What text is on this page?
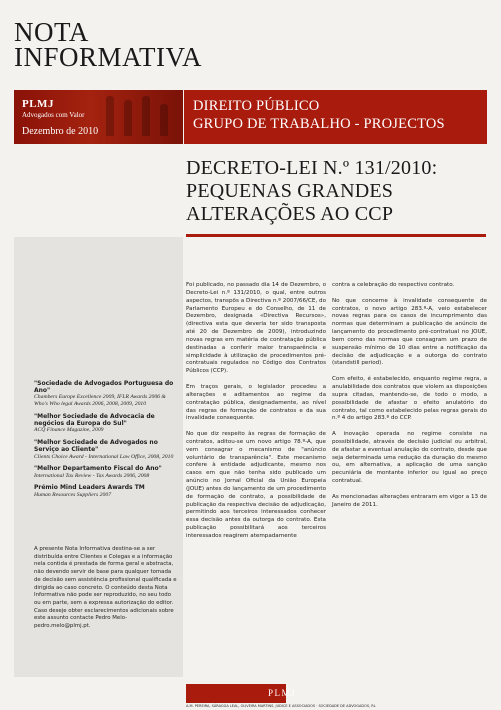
NOTA
INFORMATIVA
PLMJ
Advogados com Valor
Dezembro de 2010
DIREITO PÚBLICO
GRUPO DE TRABALHO - PROJECTOS
DECRETO-LEI N.º 131/2010:
PEQUENAS GRANDES
ALTERAÇÕES AO CCP

Foi publicado, no passado dia 14 de Dezembro, o Decreto-Lei n.º 131/2010, o qual, entre outros aspectos, transpõs a Directiva n.º 2007/66/CE, do Parlamento Europeu e do Conselho, de 11 de Dezembro, designada «Directiva Recursos», (directiva esta que deveria ter sido transposta até 20 de Dezembro de 2009), introduzindo novas regras em matéria de contratação pública destinadas a conferir maior transparência e simplicidade à utilização de procedimentos pré-contratuais regulados no Código dos Contratos Públicos (CCP).

Em traços gerais, o legislador procedeu a alterações e aditamentos ao regime da contratação pública, designadamente, ao nível das regras de formação de contratos e da sua invalidade consequente.

No que diz respeito às regras de formação de contratos, aditou-se um novo artigo 78.º-A, que vem consagrar o mecanismo de "anúncio voluntário de transparência". Este mecanismo confere à entidade adjudicante, mesmo nos casos em que não tenha sido publicado um anúncio no Jornal Oficial da União Europeia (JOUE) antes do lançamento de um procedimento de formação de contrato, a possibilidade de publicação da respectiva decisão de adjudicação, permitindo aos terceiros interessados conhecer essa decisão antes da outorga do contrato. Esta publicação possibilitará aos terceiros interessados reagirem atempadamente

contra a celebração do respectivo contrato.

No que concerne à invalidade consequente de contratos, o novo artigo 283.º-A, veio estabelecer novas regras para os casos de incumprimento das normas que determinam a publicação de anúncio de lançamento do procedimento pré-contratual no JOUE, bem como das normas que consagram um prazo de suspensão mínimo de 10 dias entre a notificação da decisão de adjudicação e a outorga do contrato (standstill period).

Com efeito, é estabelecido, enquanto regime regra, a anulabilidade dos contratos que violem as disposições supra citadas, mantendo-se, de todo o modo, a possibilidade de afastar o efeito anulatório do contrato, tal como estabelecido pelas regras gerais do n.º 4 do artigo 283.º do CCP.

A inovação operada no regime consiste na possibilidade, através de decisão judicial ou arbitral, de afastar a eventual anulação do contrato, desde que seja determinada uma redução da duração do mesmo ou, em alternativa, a aplicação de uma sanção pecuniária de montante inferior ou igual ao preço contratual.

As mencionadas alterações entraram em vigor a 13 de Janeiro de 2011.

"Sociedade de Advogados Portuguesa do Ano"
Chambers Europe Excellence 2009, IFLR Awards 2006 & Who's Who legal Awards 2006, 2008, 2009, 2010
"Melhor Sociedade de Advocacia de negócios da Europa do Sul"
ACQ Finance Magazine, 2009
"Melhor Sociedade de Advogados no Serviço ao Cliente"
Clients Choice Award - International Law Office, 2008, 2010
"Melhor Departamento Fiscal do Ano"
International Tax Review - Tax Awards 2006, 2008
Prémio Mind Leaders Awards TM
Human Resources Suppliers 2007
A presente Nota Informativa destina-se a ser distribuída entre Clientes e Colegas e a informação nela contida é prestada de forma geral e abstracta, não devendo servir de base para qualquer tomada de decisão sem assistência profissional qualificada e dirigida ao caso concreto. O conteúdo desta Nota Informativa não pode ser reproduzido, no seu todo ou em parte, sem a expressa autorização do editor. Caso deseje obter esclarecimentos adicionais sobre este assunto contacte Pedro Melo-pedro.melo@plmj.pt.
PLMJ
A.M. PEREIRA, SÁRAGGA LEAL, OLIVEIRA MARTINS, JÚDICE E ASSOCIADOS · SOCIEDADE DE ADVOGADOS, RL
